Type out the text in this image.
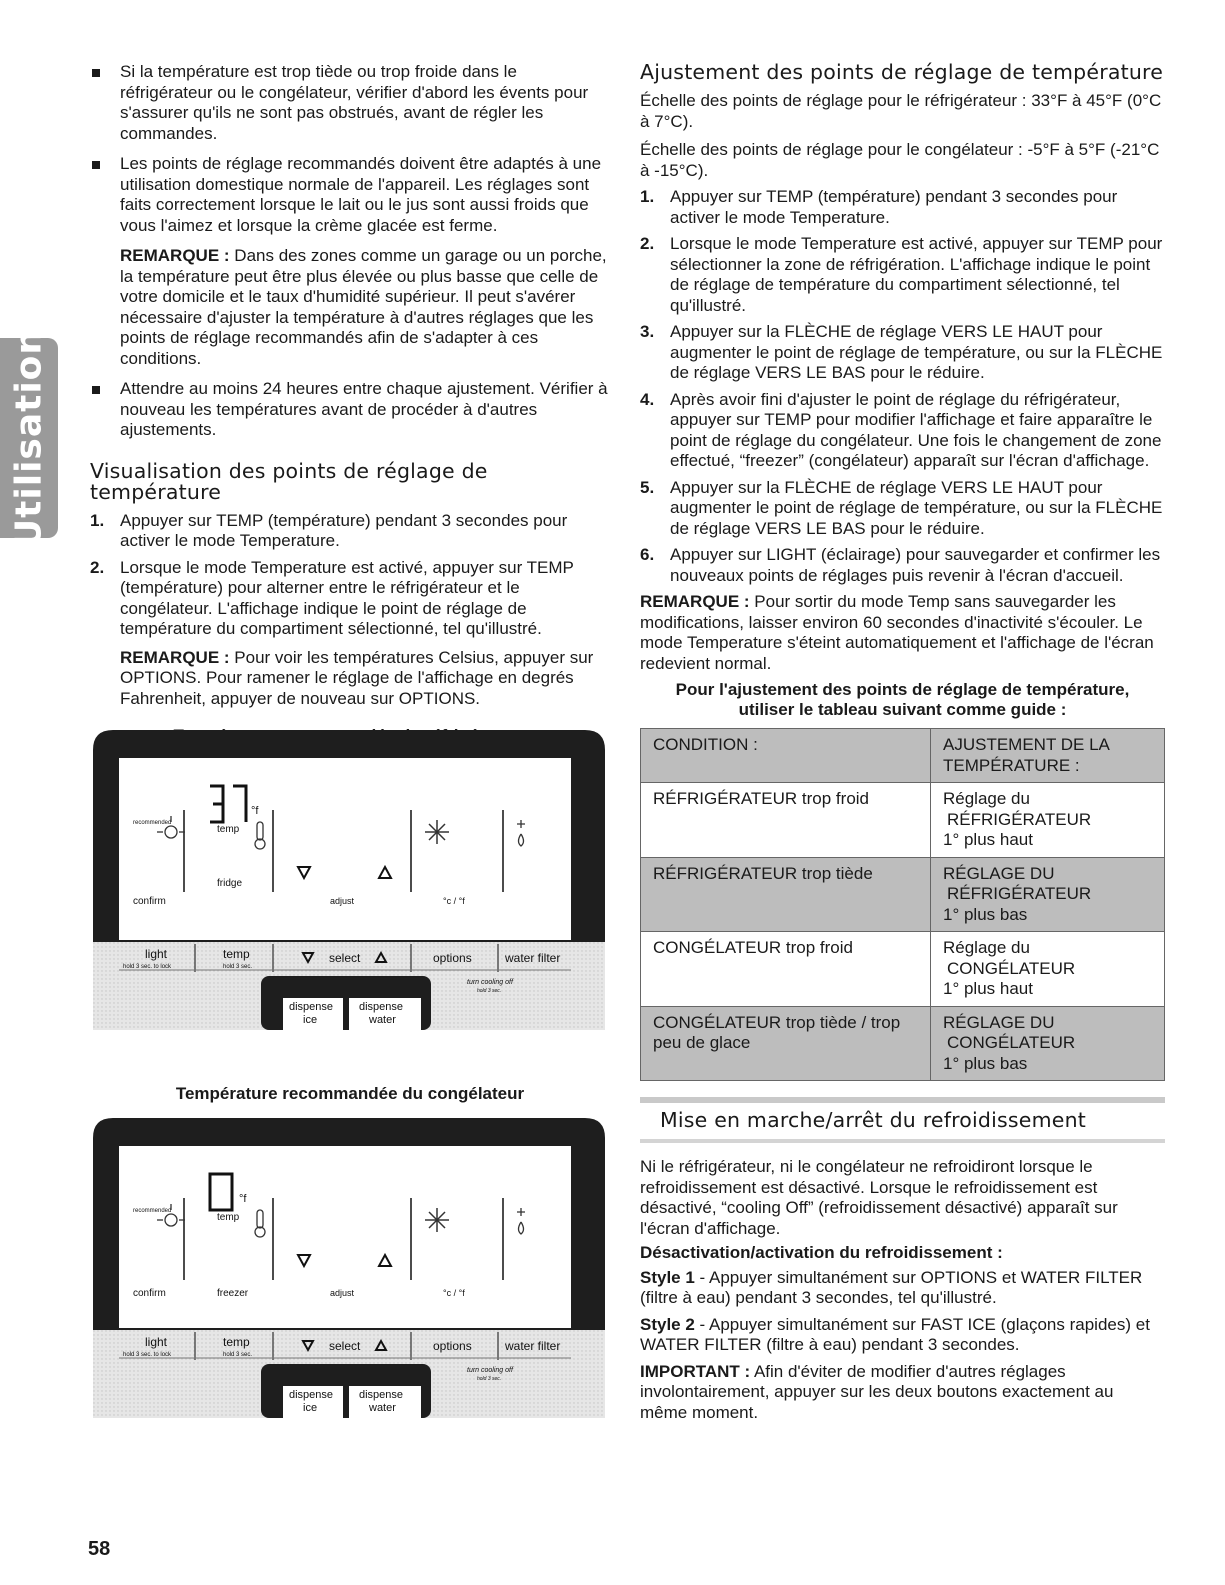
Utilisation
Si la température est trop tiède ou trop froide dans le réfrigérateur ou le congélateur, vérifier d'abord les évents pour s'assurer qu'ils ne sont pas obstrués, avant de régler les commandes.
Les points de réglage recommandés doivent être adaptés à une utilisation domestique normale de l'appareil. Les réglages sont faits correctement lorsque le lait ou le jus sont aussi froids que vous l'aimez et lorsque la crème glacée est ferme.

REMARQUE : Dans des zones comme un garage ou un porche, la température peut être plus élevée ou plus basse que celle de votre domicile et le taux d'humidité supérieur. Il peut s'avérer nécessaire d'ajuster la température à d'autres réglages que les points de réglage recommandés afin de s'adapter à ces conditions.

Attendre au moins 24 heures entre chaque ajustement. Vérifier à nouveau les températures avant de procéder à d'autres ajustements.
Visualisation des points de réglage de température
1. Appuyer sur TEMP (température) pendant 3 secondes pour activer le mode Temperature.
2. Lorsque le mode Temperature est activé, appuyer sur TEMP (température) pour alterner entre le réfrigérateur et le congélateur. L'affichage indique le point de réglage de température du compartiment sélectionné, tel qu'illustré.

REMARQUE : Pour voir les températures Celsius, appuyer sur OPTIONS. Pour ramener le réglage de l'affichage en degrés Fahrenheit, appuyer de nouveau sur OPTIONS.

Température recommandée du congélateur
°f
recommended
temp
fridge
confirm	adjust	°c / °f
light
hold 3 sec. to lock
temp
hold 3 sec.
select	options	water filter
turn cooling off
hold 3 sec.
dispense
ice
dispense
water
°f
recommended
temp
freezer
confirm	adjust	°c / °f
light
hold 3 sec. to lock
temp
hold 3 sec.
select	options	water filter
turn cooling off
hold 3 sec.
dispense
ice
dispense
water
Ajustement des points de réglage de température

Échelle des points de réglage pour le réfrigérateur : 33°F à 45°F (0°C à 7°C).

Échelle des points de réglage pour le congélateur : -5°F à 5°F (-21°C à -15°C).

1. Appuyer sur TEMP (température) pendant 3 secondes pour activer le mode Temperature.
2. Lorsque le mode Temperature est activé, appuyer sur TEMP pour sélectionner la zone de réfrigération. L'affichage indique le point de réglage de température du compartiment sélectionné, tel qu'illustré.
3. Appuyer sur la FLÈCHE de réglage VERS LE HAUT pour augmenter le point de réglage de température, ou sur la FLÈCHE de réglage VERS LE BAS pour le réduire.
4. Après avoir fini d'ajuster le point de réglage du réfrigérateur, appuyer sur TEMP pour modifier l'affichage et faire apparaître le point de réglage du congélateur. Une fois le changement de zone effectué, “freezer” (congélateur) apparaît sur l'écran d'affichage.
5. Appuyer sur la FLÈCHE de réglage VERS LE HAUT pour augmenter le point de réglage de température, ou sur la FLÈCHE de réglage VERS LE BAS pour le réduire.
6. Appuyer sur LIGHT (éclairage) pour sauvegarder et confirmer les nouveaux points de réglages puis revenir à l'écran d'accueil.

REMARQUE : Pour sortir du mode Temp sans sauvegarder les modifications, laisser environ 60 secondes d'inactivité s'écouler. Le mode Temperature s'éteint automatiquement et l'affichage de l'écran redevient normal.

Pour l'ajustement des points de réglage de température,
utiliser le tableau suivant comme guide :
CONDITION :	AJUSTEMENT DE LA TEMPÉRATURE :
RÉFRIGÉRATEUR trop froid	Réglage du
RÉFRIGÉRATEUR
1° plus haut

RÉFRIGÉRATEUR trop tiède	RÉGLAGE DU
RÉFRIGÉRATEUR
1° plus bas

CONGÉLATEUR trop froid	Réglage du
CONGÉLATEUR
1° plus haut

CONGÉLATEUR trop tiède / trop peu de glace	RÉGLAGE DU
CONGÉLATEUR
1° plus bas
Mise en marche/arrêt du refroidissement

Ni le réfrigérateur, ni le congélateur ne refroidiront lorsque le refroidissement est désactivé. Lorsque le refroidissement est désactivé, “cooling Off” (refroidissement désactivé) apparaît sur l'écran d'affichage.

Désactivation/activation du refroidissement :

Style 1 - Appuyer simultanément sur OPTIONS et WATER FILTER (filtre à eau) pendant 3 secondes, tel qu'illustré.

Style 2 - Appuyer simultanément sur FAST ICE (glaçons rapides) et WATER FILTER (filtre à eau) pendant 3 secondes.

IMPORTANT : Afin d'éviter de modifier d'autres réglages involontairement, appuyer sur les deux boutons exactement au même moment.

58
